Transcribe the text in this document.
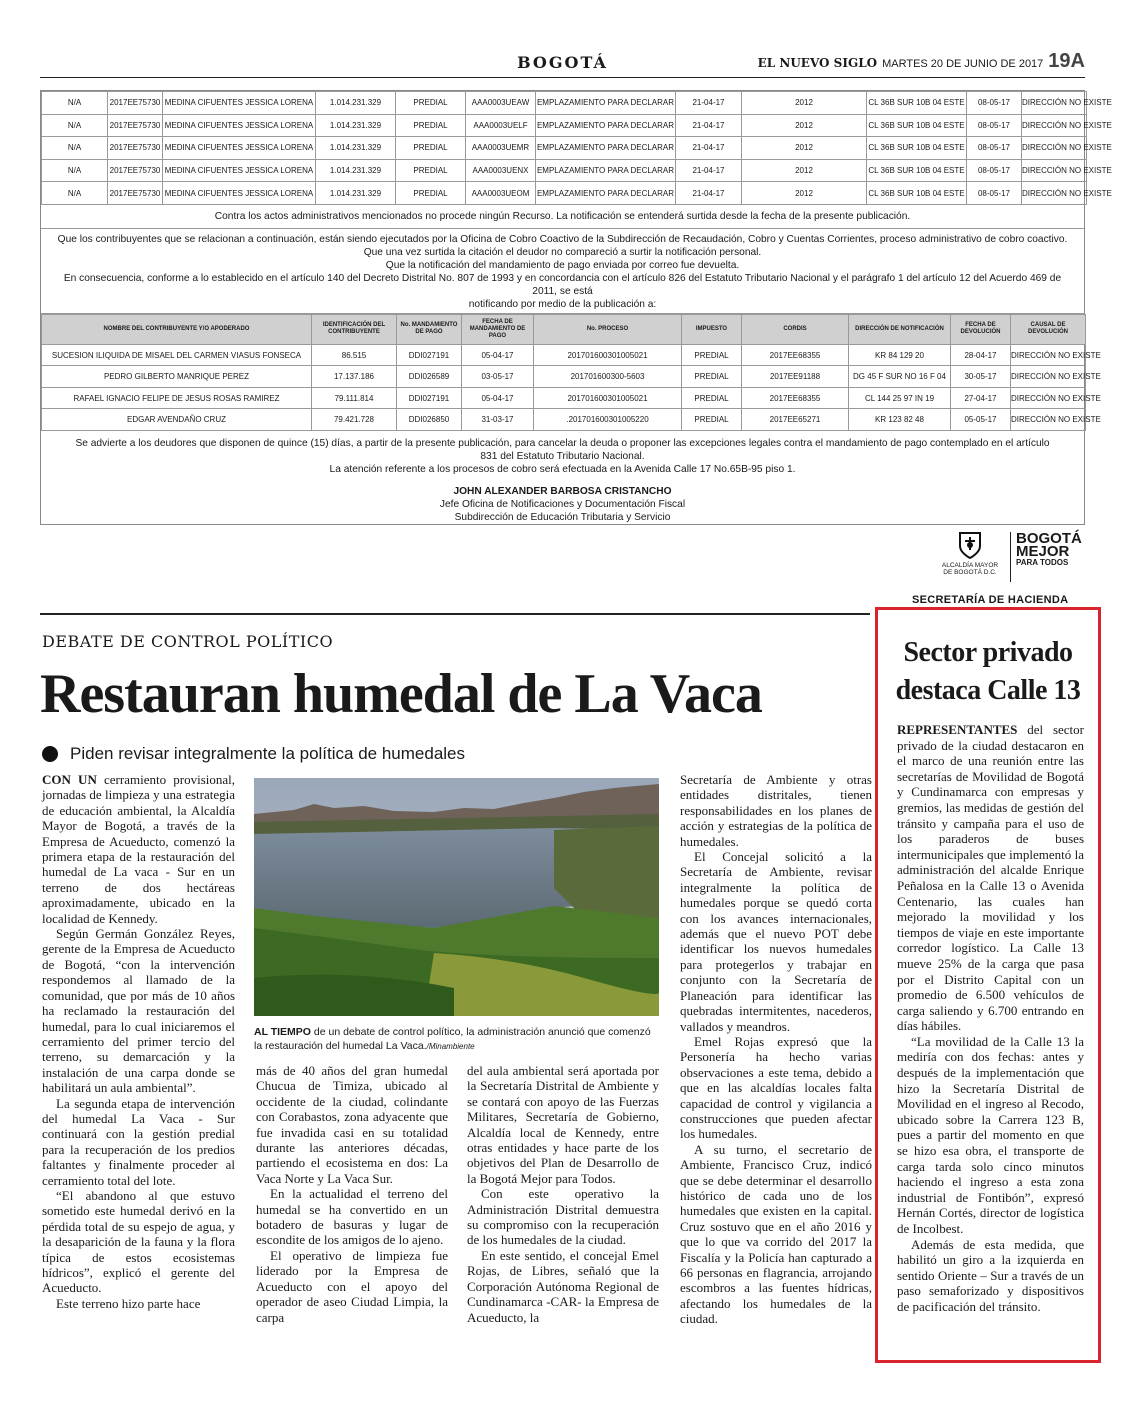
BOGOTÁ	EL NUEVO SIGLO MARTES 20 DE JUNIO DE 2017 19A
N/A	2017EE75730	MEDINA CIFUENTES JESSICA LORENA	1.014.231.329	PREDIAL	AAA0003UEAW	EMPLAZAMIENTO PARA DECLARAR	21-04-17	2012	CL 36B SUR 10B 04 ESTE	08-05-17	DIRECCIÓN NO EXISTE
N/A	2017EE75730	MEDINA CIFUENTES JESSICA LORENA	1.014.231.329	PREDIAL	AAA0003UELF	EMPLAZAMIENTO PARA DECLARAR	21-04-17	2012	CL 36B SUR 10B 04 ESTE	08-05-17	DIRECCIÓN NO EXISTE
N/A	2017EE75730	MEDINA CIFUENTES JESSICA LORENA	1.014.231.329	PREDIAL	AAA0003UEMR	EMPLAZAMIENTO PARA DECLARAR	21-04-17	2012	CL 36B SUR 10B 04 ESTE	08-05-17	DIRECCIÓN NO EXISTE
N/A	2017EE75730	MEDINA CIFUENTES JESSICA LORENA	1.014.231.329	PREDIAL	AAA0003UENX	EMPLAZAMIENTO PARA DECLARAR	21-04-17	2012	CL 36B SUR 10B 04 ESTE	08-05-17	DIRECCIÓN NO EXISTE
N/A	2017EE75730	MEDINA CIFUENTES JESSICA LORENA	1.014.231.329	PREDIAL	AAA0003UEOM	EMPLAZAMIENTO PARA DECLARAR	21-04-17	2012	CL 36B SUR 10B 04 ESTE	08-05-17	DIRECCIÓN NO EXISTE
Contra los actos administrativos mencionados no procede ningún Recurso. La notificación se entenderá surtida desde la fecha de la presente publicación.
Que los contribuyentes que se relacionan a continuación, están siendo ejecutados por la Oficina de Cobro Coactivo de la Subdirección de Recaudación, Cobro y Cuentas Corrientes, proceso administrativo de cobro coactivo.
Que una vez surtida la citación el deudor no compareció a surtir la notificación personal.
Que la notificación del mandamiento de pago enviada por correo fue devuelta.
En consecuencia, conforme a lo establecido en el artículo 140 del Decreto Distrital No. 807 de 1993 y en concordancia con el artículo 826 del Estatuto Tributario Nacional y el parágrafo 1 del artículo 12 del Acuerdo 469 de 2011, se está
notificando por medio de la publicación a:
NOMBRE DEL CONTRIBUYENTE Y/O APODERADO	IDENTIFICACIÓN DEL CONTRIBUYENTE	No. MANDAMIENTO DE PAGO	FECHA DE MANDAMIENTO DE PAGO	No. PROCESO	IMPUESTO	CORDIS	DIRECCIÓN DE NOTIFICACIÓN	FECHA DE DEVOLUCIÓN	CAUSAL DE DEVOLUCIÓN
SUCESION ILIQUIDA DE MISAEL DEL CARMEN VIASUS FONSECA	86.515	DDI027191	05-04-17	201701600301005021	PREDIAL	2017EE68355	KR 84 129 20	28-04-17	DIRECCIÓN NO EXISTE
PEDRO GILBERTO MANRIQUE PEREZ	17.137.186	DDI026589	03-05-17	201701600300-5603	PREDIAL	2017EE91188	DG 45 F SUR NO 16 F 04	30-05-17	DIRECCIÓN NO EXISTE
RAFAEL IGNACIO FELIPE DE JESUS ROSAS RAMIREZ	79.111.814	DDI027191	05-04-17	201701600301005021	PREDIAL	2017EE68355	CL 144 25 97 IN 19	27-04-17	DIRECCIÓN NO EXISTE
EDGAR AVENDAÑO CRUZ	79.421.728	DDI026850	31-03-17	.201701600301005220	PREDIAL	2017EE65271	KR 123 82 48	05-05-17	DIRECCIÓN NO EXISTE
Se advierte a los deudores que disponen de quince (15) días, a partir de la presente publicación, para cancelar la deuda o proponer las excepciones legales contra el mandamiento de pago contemplado en el artículo
831 del Estatuto Tributario Nacional.
La atención referente a los procesos de cobro será efectuada en la Avenida Calle 17 No.65B-95 piso 1.
JOHN ALEXANDER BARBOSA CRISTANCHO
Jefe Oficina de Notificaciones y Documentación Fiscal
Subdirección de Educación Tributaria y Servicio
ALCALDÍA MAYOR
DE BOGOTÁ D.C.
BOGOTÁ
MEJOR
PARA TODOS
SECRETARÍA DE HACIENDA
DEBATE DE CONTROL POLÍTICO
Restauran humedal de La Vaca
Piden revisar integralmente la política de humedales

CON UN cerramiento provisional, jornadas de limpieza y una estrategia de educación ambiental, la Alcaldía Mayor de Bogotá, a través de la Empresa de Acueducto, comenzó la primera etapa de la restauración del humedal de La vaca - Sur en un terreno de dos hectáreas aproximadamente, ubicado en la localidad de Kennedy.

Según Germán González Reyes, gerente de la Empresa de Acueducto de Bogotá, “con la intervención respondemos al llamado de la comunidad, que por más de 10 años ha reclamado la restauración del humedal, para lo cual iniciaremos el cerramiento del primer tercio del terreno, su demarcación y la instalación de una carpa donde se habilitará un aula ambiental”.

La segunda etapa de intervención del humedal La Vaca - Sur continuará con la gestión predial para la recuperación de los predios faltantes y finalmente proceder al cerramiento total del lote.

“El abandono al que estuvo sometido este humedal derivó en la pérdida total de su espejo de agua, y la desaparición de la fauna y la flora típica de estos ecosistemas hídricos”, explicó el gerente del Acueducto.

Este terreno hizo parte hace

AL TIEMPO de un debate de control político, la administración anunció que comenzó la restauración del humedal La Vaca./Minambiente

más de 40 años del gran humedal Chucua de Timiza, ubicado al occidente de la ciudad, colindante con Corabastos, zona adyacente que fue invadida casi en su totalidad durante las anteriores décadas, partiendo el ecosistema en dos: La Vaca Norte y La Vaca Sur.

En la actualidad el terreno del humedal se ha convertido en un botadero de basuras y lugar de escondite de los amigos de lo ajeno.

El operativo de limpieza fue liderado por la Empresa de Acueducto con el apoyo del operador de aseo Ciudad Limpia, la carpa

del aula ambiental será aportada por la Secretaría Distrital de Ambiente y se contará con apoyo de las Fuerzas Militares, Secretaría de Gobierno, Alcaldía local de Kennedy, entre otras entidades y hace parte de los objetivos del Plan de Desarrollo de la Bogotá Mejor para Todos.

Con este operativo la Administración Distrital demuestra su compromiso con la recuperación de los humedales de la ciudad.

En este sentido, el concejal Emel Rojas, de Libres, señaló que la Corporación Autónoma Regional de Cundinamarca -CAR- la Empresa de Acueducto, la

Secretaría de Ambiente y otras entidades distritales, tienen responsabilidades en los planes de acción y estrategias de la política de humedales.

El Concejal solicitó a la Secretaría de Ambiente, revisar integralmente la política de humedales porque se quedó corta con los avances internacionales, además que el nuevo POT debe identificar los nuevos humedales para protegerlos y trabajar en conjunto con la Secretaría de Planeación para identificar las quebradas intermitentes, nacederos, vallados y meandros.

Emel Rojas expresó que la Personería ha hecho varias observaciones a este tema, debido a que en las alcaldías locales falta capacidad de control y vigilancia a construcciones que pueden afectar los humedales.

A su turno, el secretario de Ambiente, Francisco Cruz, indicó que se debe determinar el desarrollo histórico de cada uno de los humedales que existen en la capital. Cruz sostuvo que en el año 2016 y que lo que va corrido del 2017 la Fiscalía y la Policía han capturado a 66 personas en flagrancia, arrojando escombros a las fuentes hídricas, afectando los humedales de la ciudad.

Sector privado
destaca Calle 13

REPRESENTANTES del sector privado de la ciudad destacaron en el marco de una reunión entre las secretarías de Movilidad de Bogotá y Cundinamarca con empresas y gremios, las medidas de gestión del tránsito y campaña para el uso de los paraderos de buses intermunicipales que implementó la administración del alcalde Enrique Peñalosa en la Calle 13 o Avenida Centenario, las cuales han mejorado la movilidad y los tiempos de viaje en este importante corredor logístico. La Calle 13 mueve 25% de la carga que pasa por el Distrito Capital con un promedio de 6.500 vehículos de carga saliendo y 6.700 entrando en días hábiles.

“La movilidad de la Calle 13 la mediría con dos fechas: antes y después de la implementación que hizo la Secretaría Distrital de Movilidad en el ingreso al Recodo, ubicado sobre la Carrera 123 B, pues a partir del momento en que se hizo esa obra, el transporte de carga tarda solo cinco minutos haciendo el ingreso a esta zona industrial de Fontibón”, expresó Hernán Cortés, director de logística de Incolbest.

Además de esta medida, que habilitó un giro a la izquierda en sentido Oriente – Sur a través de un paso semaforizado y dispositivos de pacificación del tránsito.
